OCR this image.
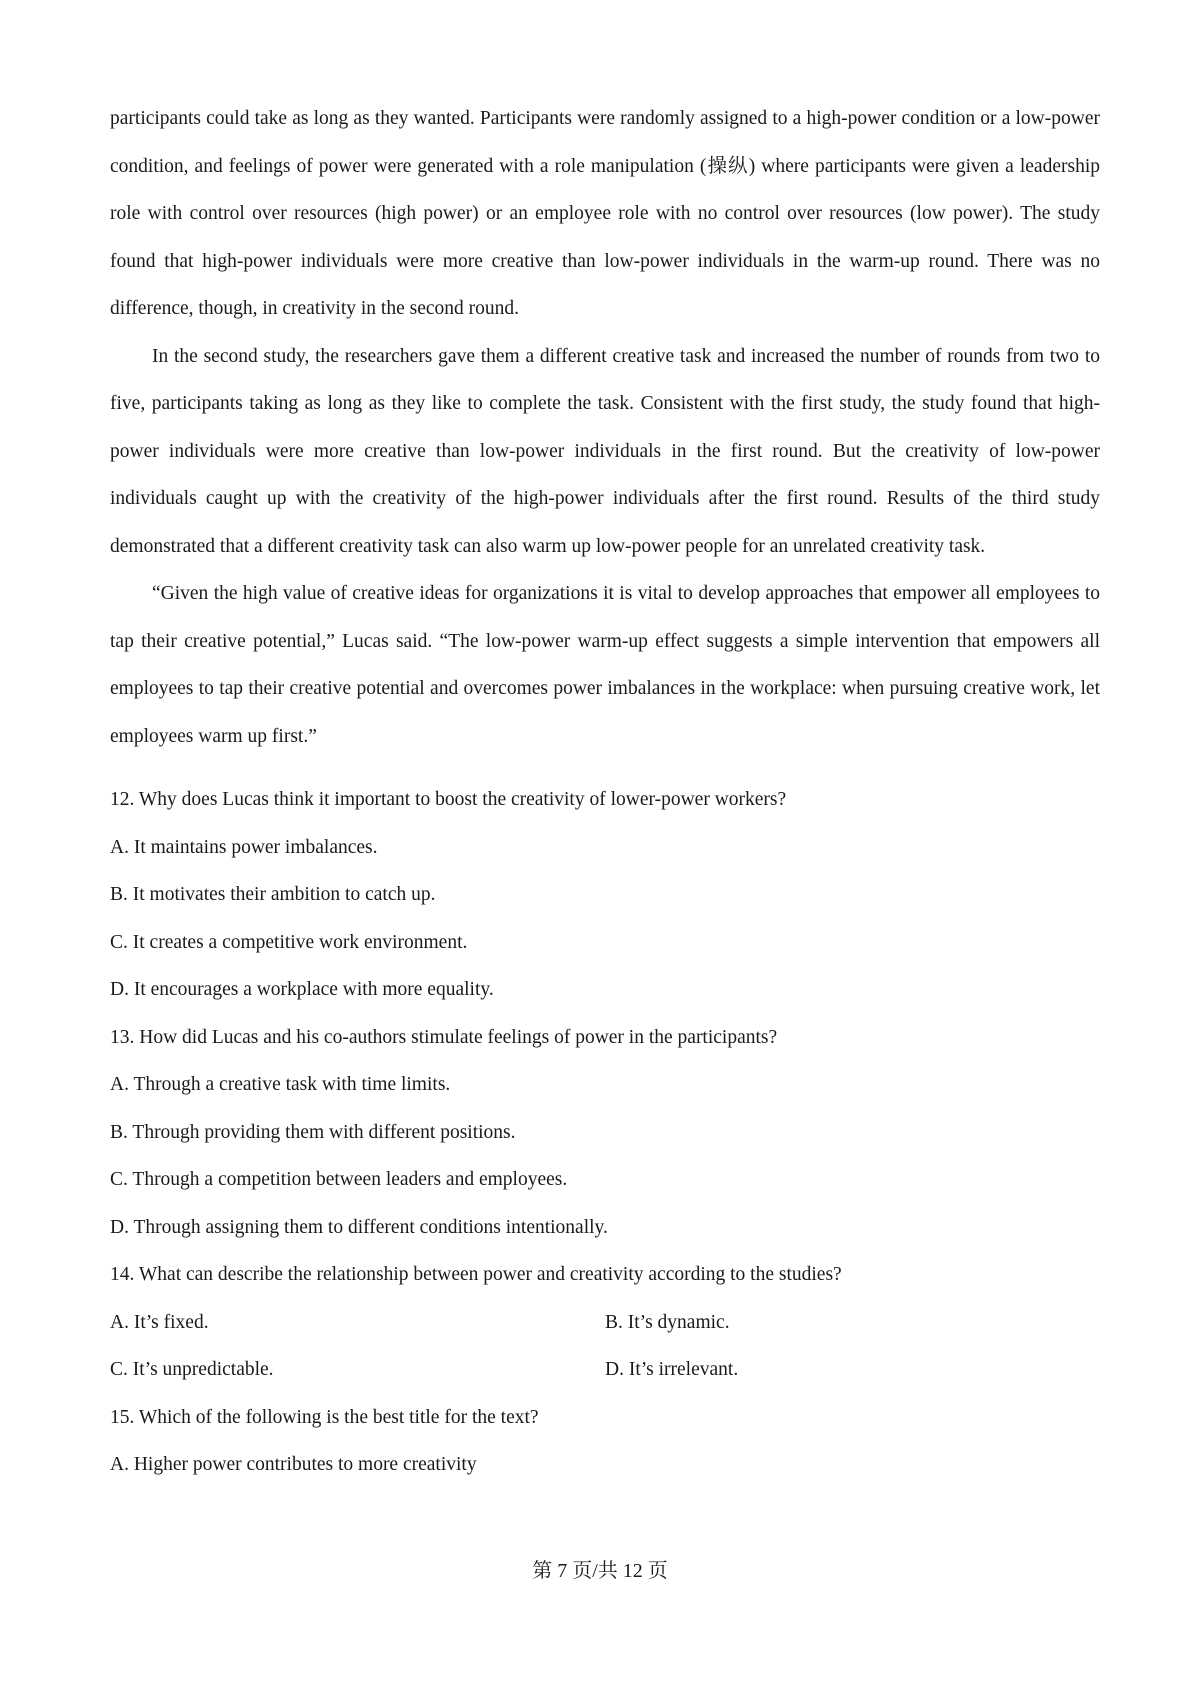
participants could take as long as they wanted. Participants were randomly assigned to a high-power condition or a low-power condition, and feelings of power were generated with a role manipulation (操纵) where participants were given a leadership role with control over resources (high power) or an employee role with no control over resources (low power). The study found that high-power individuals were more creative than low-power individuals in the warm-up round. There was no difference, though, in creativity in the second round.

In the second study, the researchers gave them a different creative task and increased the number of rounds from two to five, participants taking as long as they like to complete the task. Consistent with the first study, the study found that high-power individuals were more creative than low-power individuals in the first round. But the creativity of low-power individuals caught up with the creativity of the high-power individuals after the first round. Results of the third study demonstrated that a different creativity task can also warm up low-power people for an unrelated creativity task.

“Given the high value of creative ideas for organizations it is vital to develop approaches that empower all employees to tap their creative potential,” Lucas said. “The low-power warm-up effect suggests a simple intervention that empowers all employees to tap their creative potential and overcomes power imbalances in the workplace: when pursuing creative work, let employees warm up first.”

12. Why does Lucas think it important to boost the creativity of lower-power workers?

A. It maintains power imbalances.

B. It motivates their ambition to catch up.

C. It creates a competitive work environment.

D. It encourages a workplace with more equality.

13. How did Lucas and his co-authors stimulate feelings of power in the participants?

A. Through a creative task with time limits.

B. Through providing them with different positions.

C. Through a competition between leaders and employees.

D. Through assigning them to different conditions intentionally.

14. What can describe the relationship between power and creativity according to the studies?

A. It’s fixed.	B. It’s dynamic.
C. It’s unpredictable.	D. It’s irrelevant.

15. Which of the following is the best title for the text?

A. Higher power contributes to more creativity

第 7 页/共 12 页
